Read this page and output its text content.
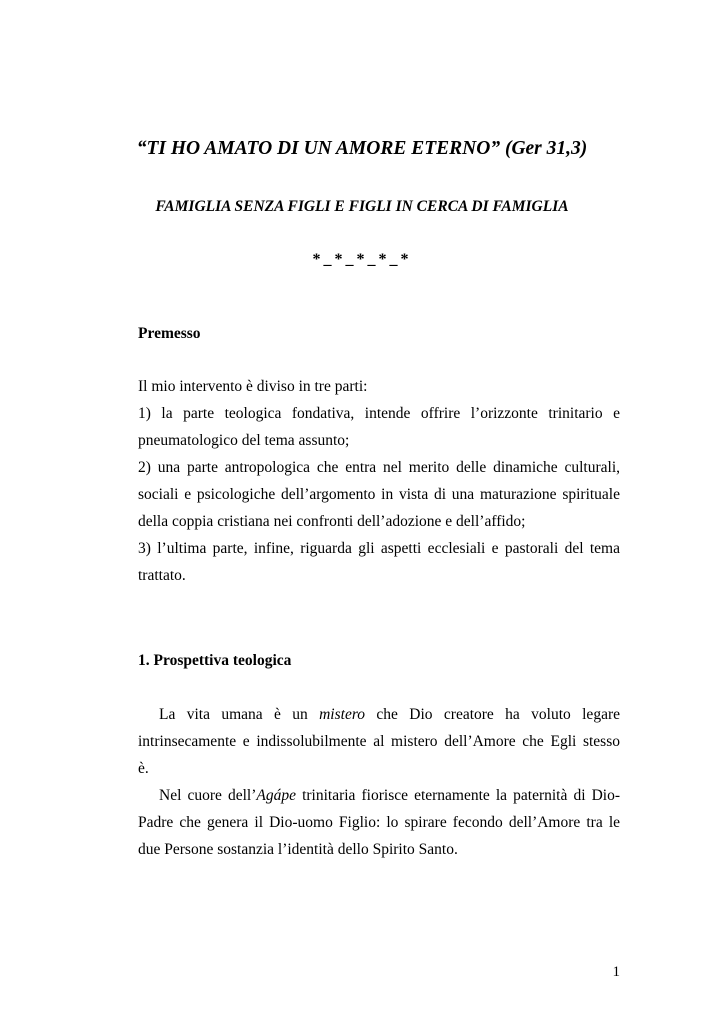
“TI HO AMATO DI UN AMORE ETERNO” (Ger 31,3)
FAMIGLIA SENZA FIGLI E FIGLI IN CERCA DI FAMIGLIA
*_*_*_*_*
Premesso
Il mio intervento è diviso in tre parti:
1) la parte teologica fondativa, intende offrire l’orizzonte trinitario e
pneumatologico del tema assunto;
2) una parte antropologica che entra nel merito delle dinamiche culturali,
sociali e psicologiche dell’argomento in vista di una maturazione spirituale
della coppia cristiana nei confronti dell’adozione e dell’affido;
3) l’ultima parte, infine, riguarda gli aspetti ecclesiali e pastorali del tema
trattato.
1. Prospettiva teologica
La vita umana è un mistero che Dio creatore ha voluto legare
intrinsecamente e indissolubilmente al mistero dell’Amore che Egli stesso
è.
Nel cuore dell’Agápe trinitaria fiorisce eternamente la paternità di Dio-
Padre che genera il Dio-uomo Figlio: lo spirare fecondo dell’Amore tra le
due Persone sostanzia l’identità dello Spirito Santo.
1
